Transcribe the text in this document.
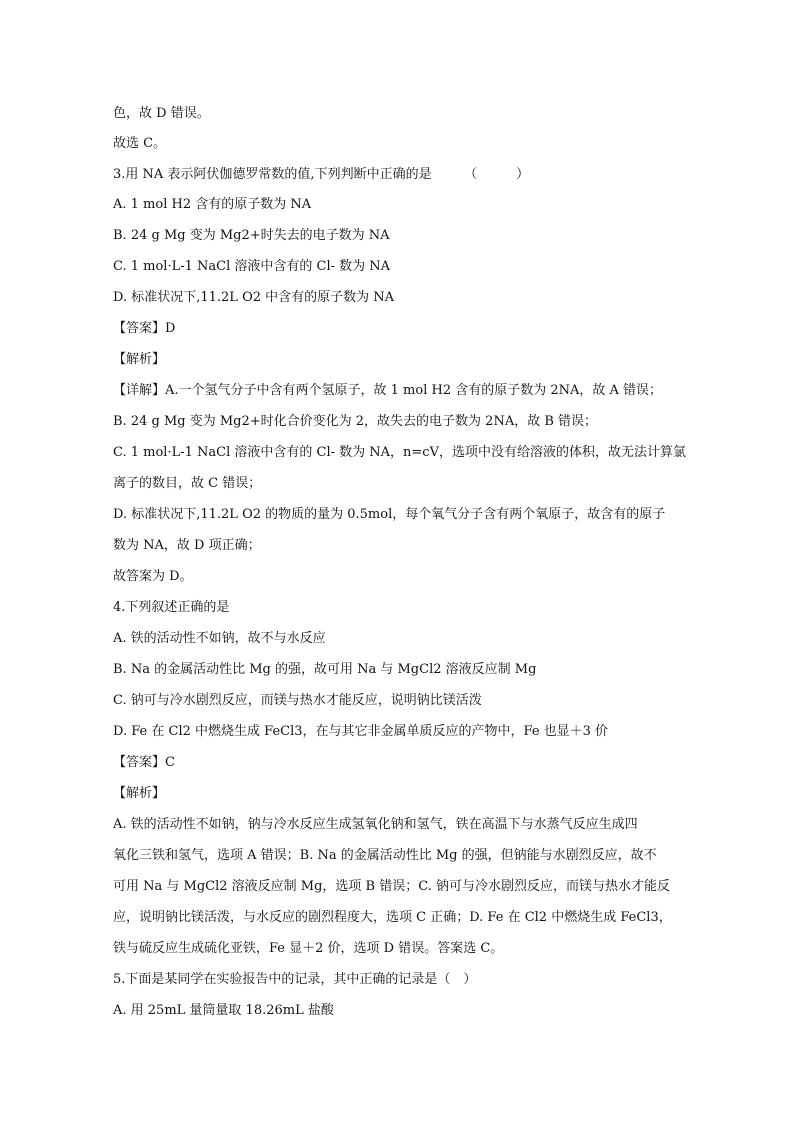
色，故 D 错误。
故选 C。
3.用 NA 表示阿伏伽德罗常数的值,下列判断中正确的是　　　（　　　）
A. 1 mol H2 含有的原子数为 NA
B. 24 g Mg 变为 Mg2+时失去的电子数为 NA
C. 1 mol·L-1 NaCl 溶液中含有的 Cl- 数为 NA
D. 标准状况下,11.2L O2 中含有的原子数为 NA
【答案】D
【解析】
【详解】A.一个氢气分子中含有两个氢原子，故 1 mol H2 含有的原子数为 2NA，故 A 错误；
B. 24 g Mg 变为 Mg2+时化合价变化为 2，故失去的电子数为 2NA，故 B 错误；
C. 1 mol·L-1 NaCl 溶液中含有的 Cl- 数为 NA，n=cV，选项中没有给溶液的体积，故无法计算氯
离子的数目，故 C 错误；
D. 标准状况下,11.2L O2 的物质的量为 0.5mol，每个氧气分子含有两个氧原子，故含有的原子
数为 NA，故 D 项正确；
故答案为 D。
4.下列叙述正确的是
A. 铁的活动性不如钠，故不与水反应
B. Na 的金属活动性比 Mg 的强，故可用 Na 与 MgCl2 溶液反应制 Mg
C. 钠可与冷水剧烈反应，而镁与热水才能反应，说明钠比镁活泼
D. Fe 在 Cl2 中燃烧生成 FeCl3，在与其它非金属单质反应的产物中，Fe 也显＋3 价
【答案】C
【解析】
A. 铁的活动性不如钠，钠与冷水反应生成氢氧化钠和氢气，铁在高温下与水蒸气反应生成四
氧化三铁和氢气，选项 A 错误；B. Na 的金属活动性比 Mg 的强，但钠能与水剧烈反应，故不
可用 Na 与 MgCl2 溶液反应制 Mg，选项 B 错误；C. 钠可与冷水剧烈反应，而镁与热水才能反
应，说明钠比镁活泼，与水反应的剧烈程度大，选项 C 正确；D. Fe 在 Cl2 中燃烧生成 FeCl3，
铁与硫反应生成硫化亚铁，Fe 显＋2 价，选项 D 错误。答案选 C。
5.下面是某同学在实验报告中的记录，其中正确的记录是（　）
A. 用 25mL 量筒量取 18.26mL 盐酸
